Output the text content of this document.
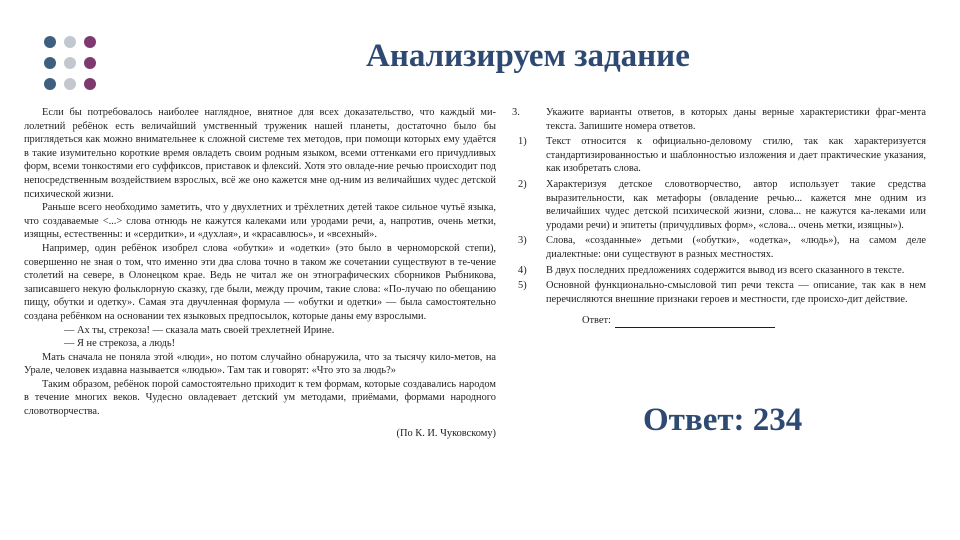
Анализируем задание

Если бы потребовалось наиболее наглядное, внятное для всех доказательство, что каждый ми-лолетний ребёнок есть величайший умственный труженик нашей планеты, достаточно было бы приглядеться как можно внимательнее к сложной системе тех методов, при помощи которых ему удаётся в такие изумительно короткие время овладеть своим родным языком, всеми оттенками его причудливых форм, всеми тонкостями его суффиксов, приставок и флексий. Хотя это овладе-ние речью происходит под непосредственным воздействием взрослых, всё же оно кажется мне од-ним из величайших чудес детской психической жизни.

Раньше всего необходимо заметить, что у двухлетних и трёхлетних детей такое сильное чутьё языка, что создаваемые <...> слова отнюдь не кажутся калеками или уродами речи, а, напротив, очень метки, изящны, естественны: и «сердитки», и «духлая», и «красавлюсь», и «всехный».

Например, один ребёнок изобрел слова «обутки» и «одетки» (это было в черноморской степи), совершенно не зная о том, что именно эти два слова точно в таком же сочетании существуют в те-чение столетий на севере, в Олонецком крае. Ведь не читал же он этнографических сборников Рыбникова, записавшего некую фольклорную сказку, где были, между прочим, такие слова: «По-лучаю по обещанию пищу, обутки и одетку». Самая эта двучленная формула — «обутки и одетки» — была самостоятельно создана ребёнком на основании тех языковых предпосылок, которые даны ему взрослыми.

— Ах ты, стрекоза! — сказала мать своей трехлетней Ирине.

— Я не стрекоза, а людь!

Мать сначала не поняла этой «люди», но потом случайно обнаружила, что за тысячу кило-метов, на Урале, человек издавна называется «людью». Там так и говорят: «Что это за людь?»

Таким образом, ребёнок порой самостоятельно приходит к тем формам, которые создавались народом в течение многих веков. Чудесно овладевает детский ум методами, приёмами, формами народного словотворчества.

(По К. И. Чуковскому)
3.	Укажите варианты ответов, в которых даны верные характеристики фраг-мента текста. Запишите номера ответов.
1)	Текст относится к официально-деловому стилю, так как характеризуется стандартизированностью и шаблонностью изложения и дает практические указания, как изобретать слова.
2)	Характеризуя детское словотворчество, автор использует такие средства выразительности, как метафоры (овладение речью... кажется мне одним из величайших чудес детской психической жизни, слова... не кажутся ка-леками или уродами речи) и эпитеты (причудливых форм», «слова... очень метки, изящны»).
3)	Слова, «созданные» детьми («обутки», «одетка», «людь»), на самом деле диалектные: они существуют в разных местностях.
4)	В двух последних предложениях содержится вывод из всего сказанного в тексте.
5)	Основной функционально-смысловой тип речи текста — описание, так как в нем перечисляются внешние признаки героев и местности, где происхо-дит действие.
Ответ:
Ответ: 234
